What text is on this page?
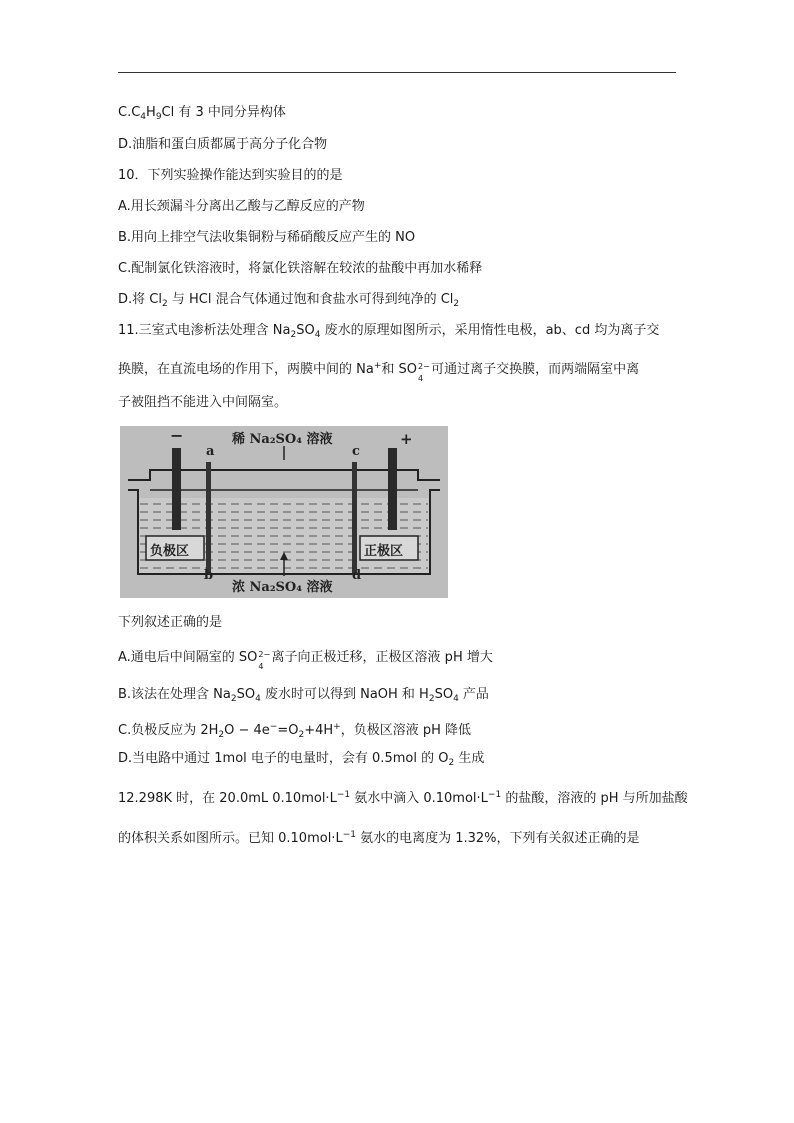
$C.C_4H_9Cl$ 有 3 中同分异构体
D.油脂和蛋白质都属于高分子化合物
10．下列实验操作能达到实验目的的是
A.用长颈漏斗分离出乙酸与乙醇反应的产物
B.用向上排空气法收集铜粉与稀硝酸反应产生的 NO
C.配制氯化铁溶液时，将氯化铁溶解在较浓的盐酸中再加水稀释
D.将 $Cl_2$ 与 HCl 混合气体通过饱和食盐水可得到纯净的 $Cl_2$
11.三室式电渗析法处理含 $Na_2SO_4$ 废水的原理如图所示，采用惰性电极，ab、cd 均为离子交
换膜，在直流电场的作用下，两膜中间的 Na+和 SO 2−
4
可通过离子交换膜，而两端隔室中离
子被阻挡不能进入中间隔室。
稀 Na₂SO₄ 溶液
−	+
a	c
b	d
负极区	正极区
浓 Na₂SO₄ 溶液
下列叙述正确的是
A.通电后中间隔室的 SO 2−
4
离子向正极迁移，正极区溶液 pH 增大
B.该法在处理含 $Na_2SO_4$ 废水时可以得到 NaOH 和 $H_2SO_4$ 产品
C.负极反应为 $2H_2O - 4e^-=O_2+4H^+$，负极区溶液 pH 降低
D.当电路中通过 1mol 电子的电量时，会有 0.5mol 的 $O_2$ 生成
12.298K 时，在 20.0mL $0.10mol\cdot L^{-1}$ 氨水中滴入 $0.10mol\cdot L^{-1}$ 的盐酸，溶液的 pH 与所加盐酸
的体积关系如图所示。已知 $0.10mol\cdot L^{-1}$ 氨水的电离度为 1.32%，下列有关叙述正确的是
